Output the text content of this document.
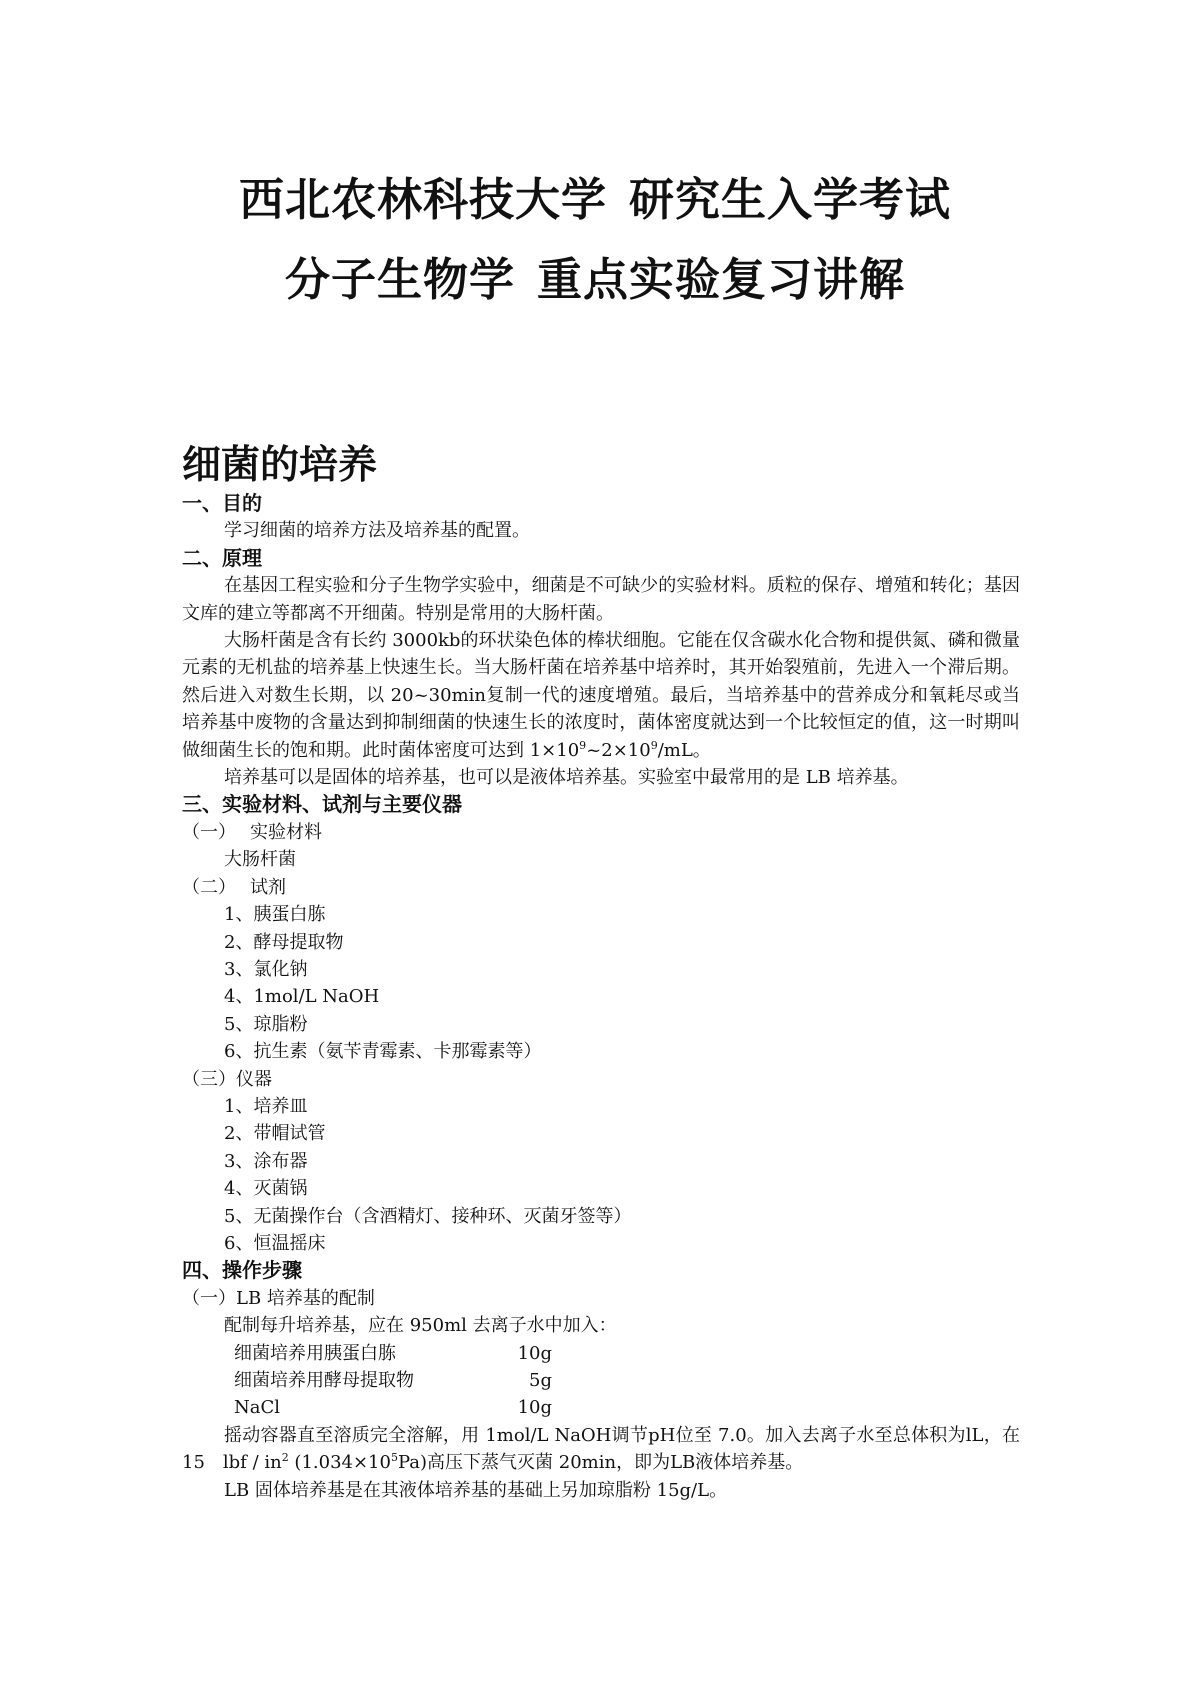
西北农林科技大学 研究生入学考试
分子生物学 重点实验复习讲解
细菌的培养
一、目的
学习细菌的培养方法及培养基的配置。
二、原理
在基因工程实验和分子生物学实验中，细菌是不可缺少的实验材料。质粒的保存、增殖和转化；基因文库的建立等都离不开细菌。特别是常用的大肠杆菌。
大肠杆菌是含有长约 3000kb的环状染色体的棒状细胞。它能在仅含碳水化合物和提供氮、磷和微量元素的无机盐的培养基上快速生长。当大肠杆菌在培养基中培养时，其开始裂殖前，先进入一个滞后期。然后进入对数生长期，以 20~30min复制一代的速度增殖。最后，当培养基中的营养成分和氧耗尽或当培养基中废物的含量达到抑制细菌的快速生长的浓度时，菌体密度就达到一个比较恒定的值，这一时期叫做细菌生长的饱和期。此时菌体密度可达到 $1\times 10^9\sim 2\times 10^9/mL$。
培养基可以是固体的培养基，也可以是液体培养基。实验室中最常用的是 LB 培养基。
三、实验材料、试剂与主要仪器
（一） 实验材料
大肠杆菌
（二） 试剂
1、胰蛋白胨
2、酵母提取物
3、氯化钠
4、1mol/L NaOH
5、琼脂粉
6、抗生素（氨苄青霉素、卡那霉素等）
（三）仪器
1、培养皿
2、带帽试管
3、涂布器
4、灭菌锅
5、无菌操作台（含酒精灯、接种环、灭菌牙签等）
6、恒温摇床
四、操作步骤
（一）LB 培养基的配制
配制每升培养基，应在 950ml 去离子水中加入：
细菌培养用胰蛋白胨	10g
细菌培养用酵母提取物	5g
NaCl	10g
摇动容器直至溶质完全溶解，用 1mol/L NaOH调节pH位至 7.0。加入去离子水至总体积为lL，在 15　lbf / $in^2$ $(1.034\times 10^5Pa)$高压下蒸气灭菌 20min，即为LB液体培养基。
LB 固体培养基是在其液体培养基的基础上另加琼脂粉 15g/L。
